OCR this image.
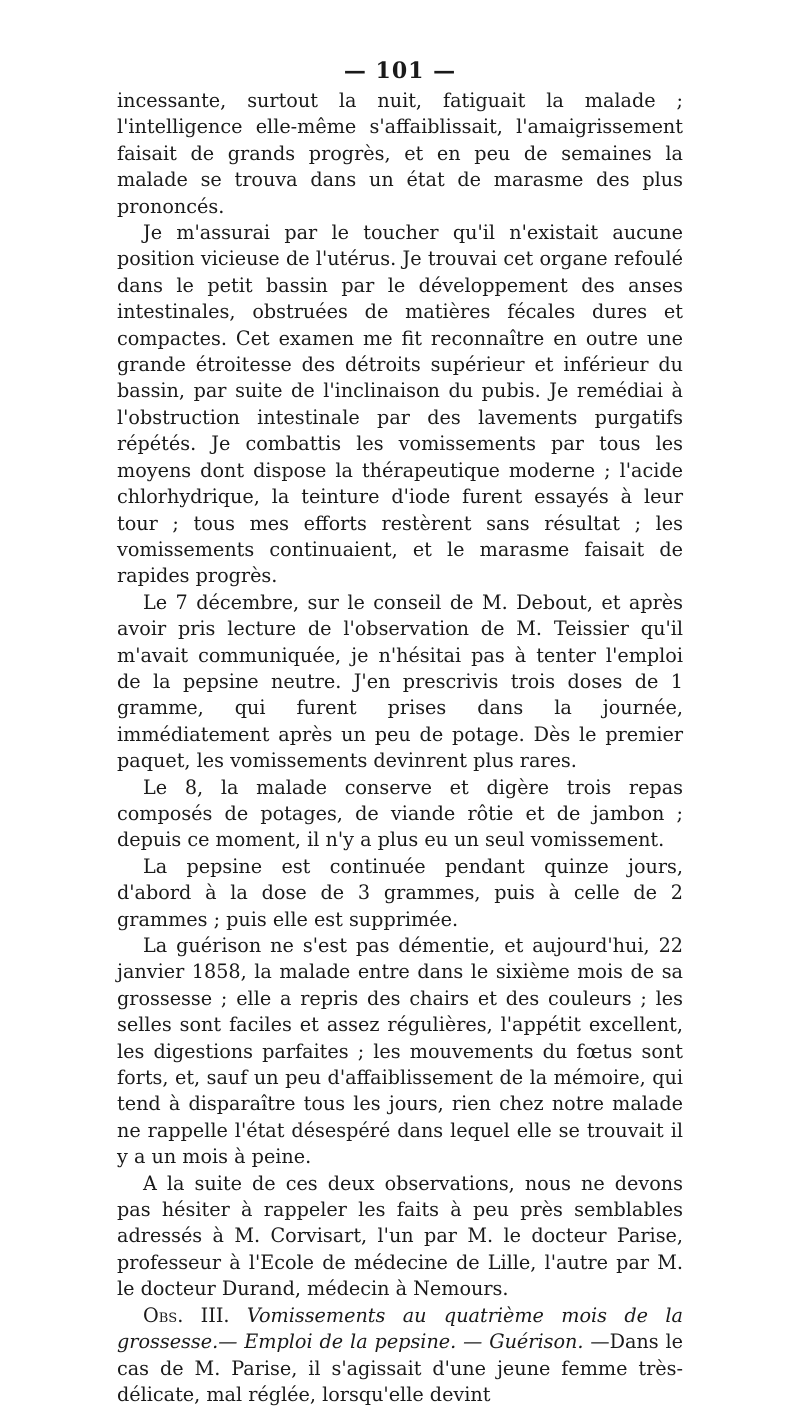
— 101 —

incessante, surtout la nuit, fatiguait la malade ; l'intelligence elle-même s'affaiblissait, l'amaigrissement faisait de grands progrès, et en peu de semaines la malade se trouva dans un état de marasme des plus prononcés.

Je m'assurai par le toucher qu'il n'existait aucune position vicieuse de l'utérus. Je trouvai cet organe refoulé dans le petit bassin par le développement des anses intestinales, obstruées de matières fécales dures et compactes. Cet examen me fit reconnaître en outre une grande étroitesse des détroits supérieur et inférieur du bassin, par suite de l'inclinaison du pubis. Je remédiai à l'obstruction intestinale par des lavements purgatifs répétés. Je combattis les vomissements par tous les moyens dont dispose la thérapeutique moderne ; l'acide chlorhydrique, la teinture d'iode furent essayés à leur tour ; tous mes efforts restèrent sans résultat ; les vomissements continuaient, et le marasme faisait de rapides progrès.

Le 7 décembre, sur le conseil de M. Debout, et après avoir pris lecture de l'observation de M. Teissier qu'il m'avait communiquée, je n'hésitai pas à tenter l'emploi de la pepsine neutre. J'en prescrivis trois doses de 1 gramme, qui furent prises dans la journée, immédiatement après un peu de potage. Dès le premier paquet, les vomissements devinrent plus rares.

Le 8, la malade conserve et digère trois repas composés de potages, de viande rôtie et de jambon ; depuis ce moment, il n'y a plus eu un seul vomissement.

La pepsine est continuée pendant quinze jours, d'abord à la dose de 3 grammes, puis à celle de 2 grammes ; puis elle est supprimée.

La guérison ne s'est pas démentie, et aujourd'hui, 22 janvier 1858, la malade entre dans le sixième mois de sa grossesse ; elle a repris des chairs et des couleurs ; les selles sont faciles et assez régulières, l'appétit excellent, les digestions parfaites ; les mouvements du fœtus sont forts, et, sauf un peu d'affaiblissement de la mémoire, qui tend à disparaître tous les jours, rien chez notre malade ne rappelle l'état désespéré dans lequel elle se trouvait il y a un mois à peine.

A la suite de ces deux observations, nous ne devons pas hésiter à rappeler les faits à peu près semblables adressés à M. Corvisart, l'un par M. le docteur Parise, professeur à l'Ecole de médecine de Lille, l'autre par M. le docteur Durand, médecin à Nemours.

Obs. III. Vomissements au quatrième mois de la grossesse.— Emploi de la pepsine. — Guérison. —Dans le cas de M. Parise, il s'agissait d'une jeune femme très-délicate, mal réglée, lorsqu'elle devint
